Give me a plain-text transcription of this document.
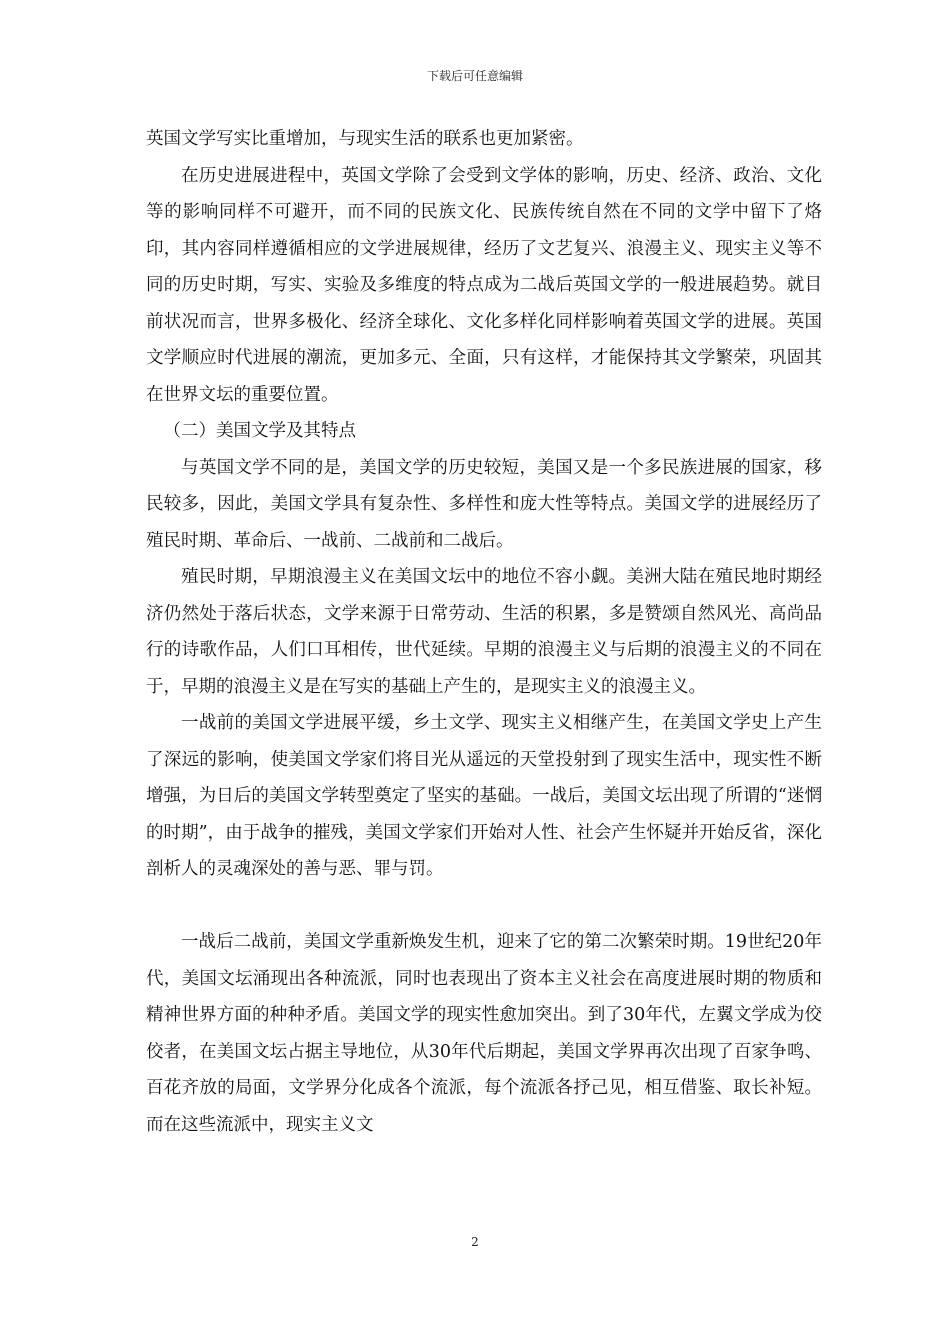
下载后可任意编辑

英国文学写实比重增加，与现实生活的联系也更加紧密。

在历史进展进程中，英国文学除了会受到文学体的影响，历史、经济、政治、文化等的影响同样不可避开，而不同的民族文化、民族传统自然在不同的文学中留下了烙印，其内容同样遵循相应的文学进展规律，经历了文艺复兴、浪漫主义、现实主义等不同的历史时期，写实、实验及多维度的特点成为二战后英国文学的一般进展趋势。就目前状况而言，世界多极化、经济全球化、文化多样化同样影响着英国文学的进展。英国文学顺应时代进展的潮流，更加多元、全面，只有这样，才能保持其文学繁荣，巩固其在世界文坛的重要位置。

（二）美国文学及其特点

与英国文学不同的是，美国文学的历史较短，美国又是一个多民族进展的国家，移民较多，因此，美国文学具有复杂性、多样性和庞大性等特点。美国文学的进展经历了殖民时期、革命后、一战前、二战前和二战后。

殖民时期，早期浪漫主义在美国文坛中的地位不容小觑。美洲大陆在殖民地时期经济仍然处于落后状态，文学来源于日常劳动、生活的积累，多是赞颂自然风光、高尚品行的诗歌作品，人们口耳相传，世代延续。早期的浪漫主义与后期的浪漫主义的不同在于，早期的浪漫主义是在写实的基础上产生的，是现实主义的浪漫主义。

一战前的美国文学进展平缓，乡土文学、现实主义相继产生，在美国文学史上产生了深远的影响，使美国文学家们将目光从遥远的天堂投射到了现实生活中，现实性不断增强，为日后的美国文学转型奠定了坚实的基础。一战后，美国文坛出现了所谓的“迷惘的时期”，由于战争的摧残，美国文学家们开始对人性、社会产生怀疑并开始反省，深化剖析人的灵魂深处的善与恶、罪与罚。

一战后二战前，美国文学重新焕发生机，迎来了它的第二次繁荣时期。19世纪20年代，美国文坛涌现出各种流派，同时也表现出了资本主义社会在高度进展时期的物质和精神世界方面的种种矛盾。美国文学的现实性愈加突出。到了30年代，左翼文学成为佼佼者，在美国文坛占据主导地位，从30年代后期起，美国文学界再次出现了百家争鸣、百花齐放的局面，文学界分化成各个流派，每个流派各抒己见，相互借鉴、取长补短。而在这些流派中，现实主义文

2
